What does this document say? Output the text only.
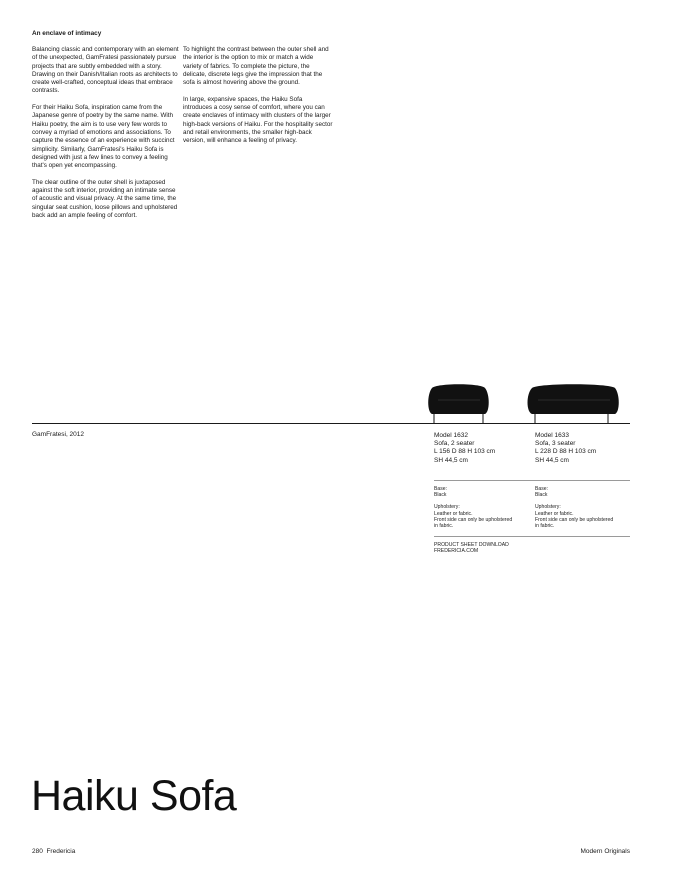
An enclave of intimacy

Balancing classic and contemporary with an element of the unexpected, GamFratesi passionately pursue projects that are subtly embedded with a story. Drawing on their Danish/Italian roots as architects to create well-crafted, conceptual ideas that embrace contrasts.

For their Haiku Sofa, inspiration came from the Japanese genre of poetry by the same name. With Haiku poetry, the aim is to use very few words to convey a myriad of emotions and associations. To capture the essence of an experience with succinct simplicity. Similarly, GamFratesi's Haiku Sofa is designed with just a few lines to convey a feeling that's open yet encompassing.

The clear outline of the outer shell is juxtaposed against the soft interior, providing an intimate sense of acoustic and visual privacy. At the same time, the singular seat cushion, loose pillows and upholstered back add an ample feeling of comfort.

To highlight the contrast between the outer shell and the interior is the option to mix or match a wide variety of fabrics. To complete the picture, the delicate, discrete legs give the impression that the sofa is almost hovering above the ground.

In large, expansive spaces, the Haiku Sofa introduces a cosy sense of comfort, where you can create enclaves of intimacy with clusters of the larger high-back versions of Haiku. For the hospitality sector and retail environments, the smaller high-back version, will enhance a feeling of privacy.

GamFratesi, 2012	Model 1632
Sofa, 2 seater
L 156 D 88 H 103 cm
SH 44,5 cm
Model 1633
Sofa, 3 seater
L 228 D 88 H 103 cm
SH 44,5 cm
Base:
Black
Upholstery:
Leather or fabric.
Front side can only be upholstered
in fabric.
Base:
Black
Upholstery:
Leather or fabric.
Front side can only be upholstered
in fabric.
PRODUCT SHEET DOWNLOAD
FREDERICIA.COM
Haiku Sofa
280  Fredericia	Modern Originals
